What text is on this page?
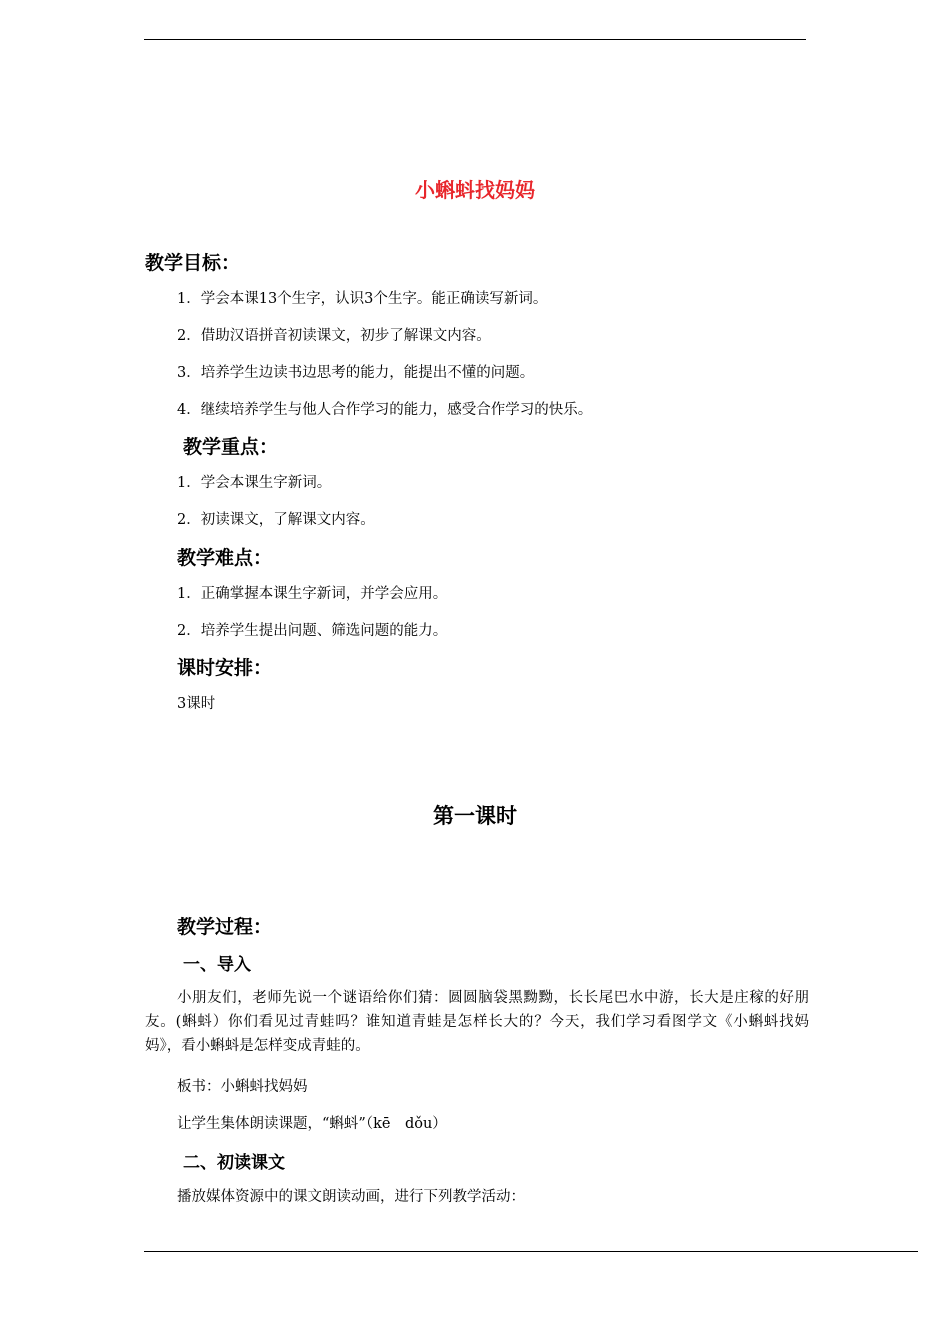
小蝌蚪找妈妈
教学目标：
1．学会本课13个生字，认识3个生字。能正确读写新词。
2．借助汉语拼音初读课文，初步了解课文内容。
3．培养学生边读书边思考的能力，能提出不懂的问题。
4．继续培养学生与他人合作学习的能力，感受合作学习的快乐。
教学重点：
1．学会本课生字新词。
2．初读课文，了解课文内容。
教学难点：
1．正确掌握本课生字新词，并学会应用。
2．培养学生提出问题、筛选问题的能力。
课时安排：
3课时
第一课时
教学过程：
一、导入
小朋友们，老师先说一个谜语给你们猜：圆圆脑袋黑黝黝，长长尾巴水中游，长大是庄稼的好朋友。(蝌蚪）你们看见过青蛙吗？谁知道青蛙是怎样长大的？今天，我们学习看图学文《小蝌蚪找妈妈》，看小蝌蚪是怎样变成青蛙的。
板书：小蝌蚪找妈妈
让学生集体朗读课题，“蝌蚪”（kē　dǒu）
二、初读课文
播放媒体资源中的课文朗读动画，进行下列教学活动：
